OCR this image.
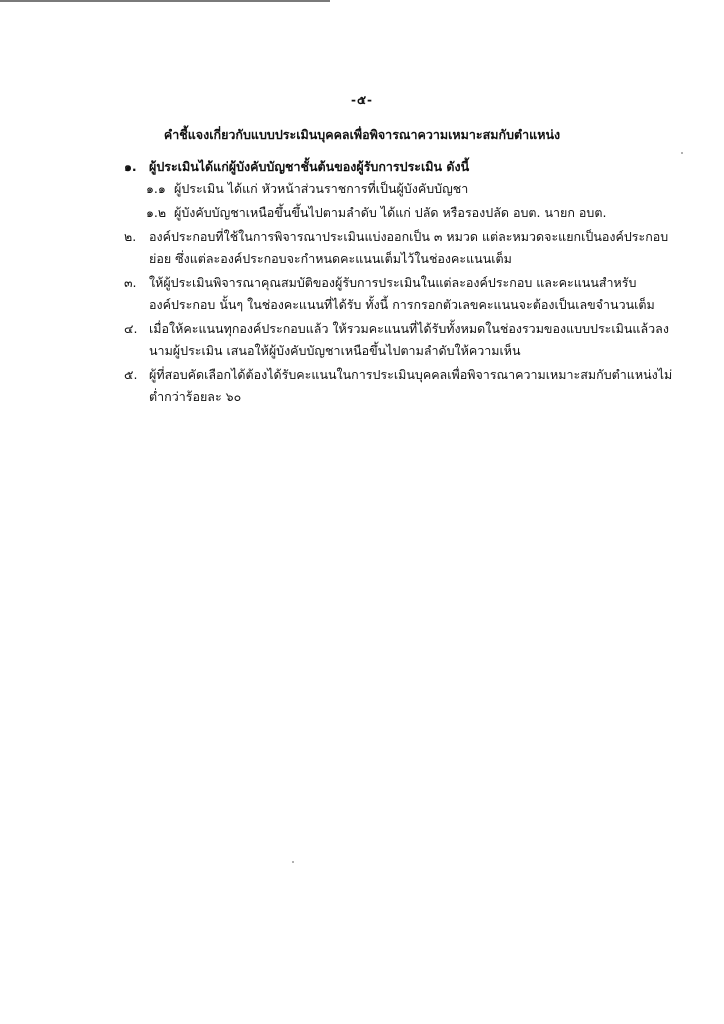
-๕-
คำชี้แจงเกี่ยวกับแบบประเมินบุคคลเพื่อพิจารณาความเหมาะสมกับตำแหน่ง
๑. ผู้ประเมินได้แก่ผู้บังคับบัญชาชั้นต้นของผู้รับการประเมิน ดังนี้
๑.๑ ผู้ประเมิน ได้แก่ หัวหน้าส่วนราชการที่เป็นผู้บังคับบัญชา
๑.๒ ผู้บังคับบัญชาเหนือขึ้นขึ้นไปตามลำดับ ได้แก่ ปลัด หรือรองปลัด อบต. นายก อบต.
๒. องค์ประกอบที่ใช้ในการพิจารณาประเมินแบ่งออกเป็น ๓ หมวด แต่ละหมวดจะแยกเป็นองค์ประกอบ
ย่อย ซึ่งแต่ละองค์ประกอบจะกำหนดคะแนนเต็มไว้ในช่องคะแนนเต็ม
๓. ให้ผู้ประเมินพิจารณาคุณสมบัติของผู้รับการประเมินในแต่ละองค์ประกอบ และคะแนนสำหรับ
องค์ประกอบ นั้นๆ ในช่องคะแนนที่ได้รับ ทั้งนี้ การกรอกตัวเลขคะแนนจะต้องเป็นเลขจำนวนเต็ม
๔. เมื่อให้คะแนนทุกองค์ประกอบแล้ว ให้รวมคะแนนที่ได้รับทั้งหมดในช่องรวมของแบบประเมินแล้วลง
นามผู้ประเมิน เสนอให้ผู้บังคับบัญชาเหนือขึ้นไปตามลำดับให้ความเห็น
๕. ผู้ที่สอบคัดเลือกได้ต้องได้รับคะแนนในการประเมินบุคคลเพื่อพิจารณาความเหมาะสมกับตำแหน่งไม่
ต่ำกว่าร้อยละ ๖๐
